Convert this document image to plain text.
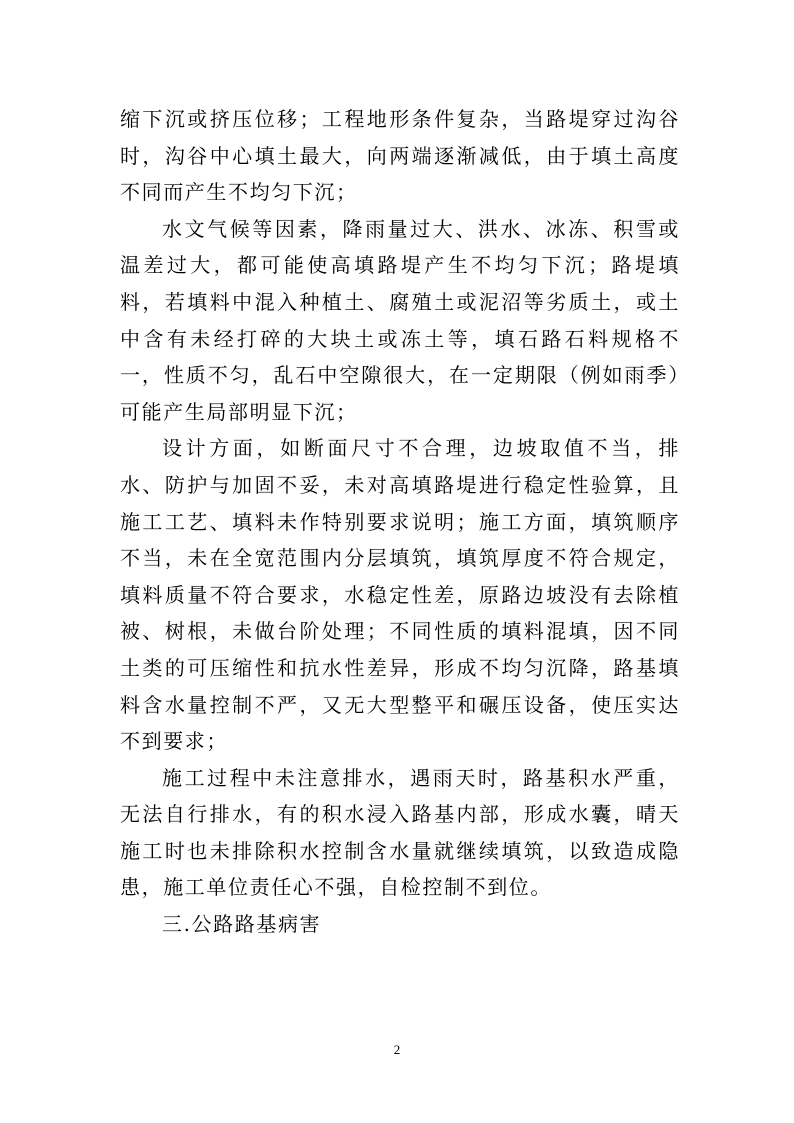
缩下沉或挤压位移；工程地形条件复杂，当路堤穿过沟谷时，沟谷中心填土最大，向两端逐渐减低，由于填土高度不同而产生不均匀下沉；

水文气候等因素，降雨量过大、洪水、冰冻、积雪或温差过大，都可能使高填路堤产生不均匀下沉；路堤填料，若填料中混入种植土、腐殖土或泥沼等劣质土，或土中含有未经打碎的大块土或冻土等，填石路石料规格不一，性质不匀，乱石中空隙很大，在一定期限（例如雨季）可能产生局部明显下沉；

设计方面，如断面尺寸不合理，边坡取值不当，排水、防护与加固不妥，未对高填路堤进行稳定性验算，且施工工艺、填料未作特别要求说明；施工方面，填筑顺序不当，未在全宽范围内分层填筑，填筑厚度不符合规定，填料质量不符合要求，水稳定性差，原路边坡没有去除植被、树根，未做台阶处理；不同性质的填料混填，因不同土类的可压缩性和抗水性差异，形成不均匀沉降，路基填料含水量控制不严，又无大型整平和碾压设备，使压实达不到要求；

施工过程中未注意排水，遇雨天时，路基积水严重，无法自行排水，有的积水浸入路基内部，形成水囊，晴天施工时也未排除积水控制含水量就继续填筑，以致造成隐患，施工单位责任心不强，自检控制不到位。

三.公路路基病害

2
